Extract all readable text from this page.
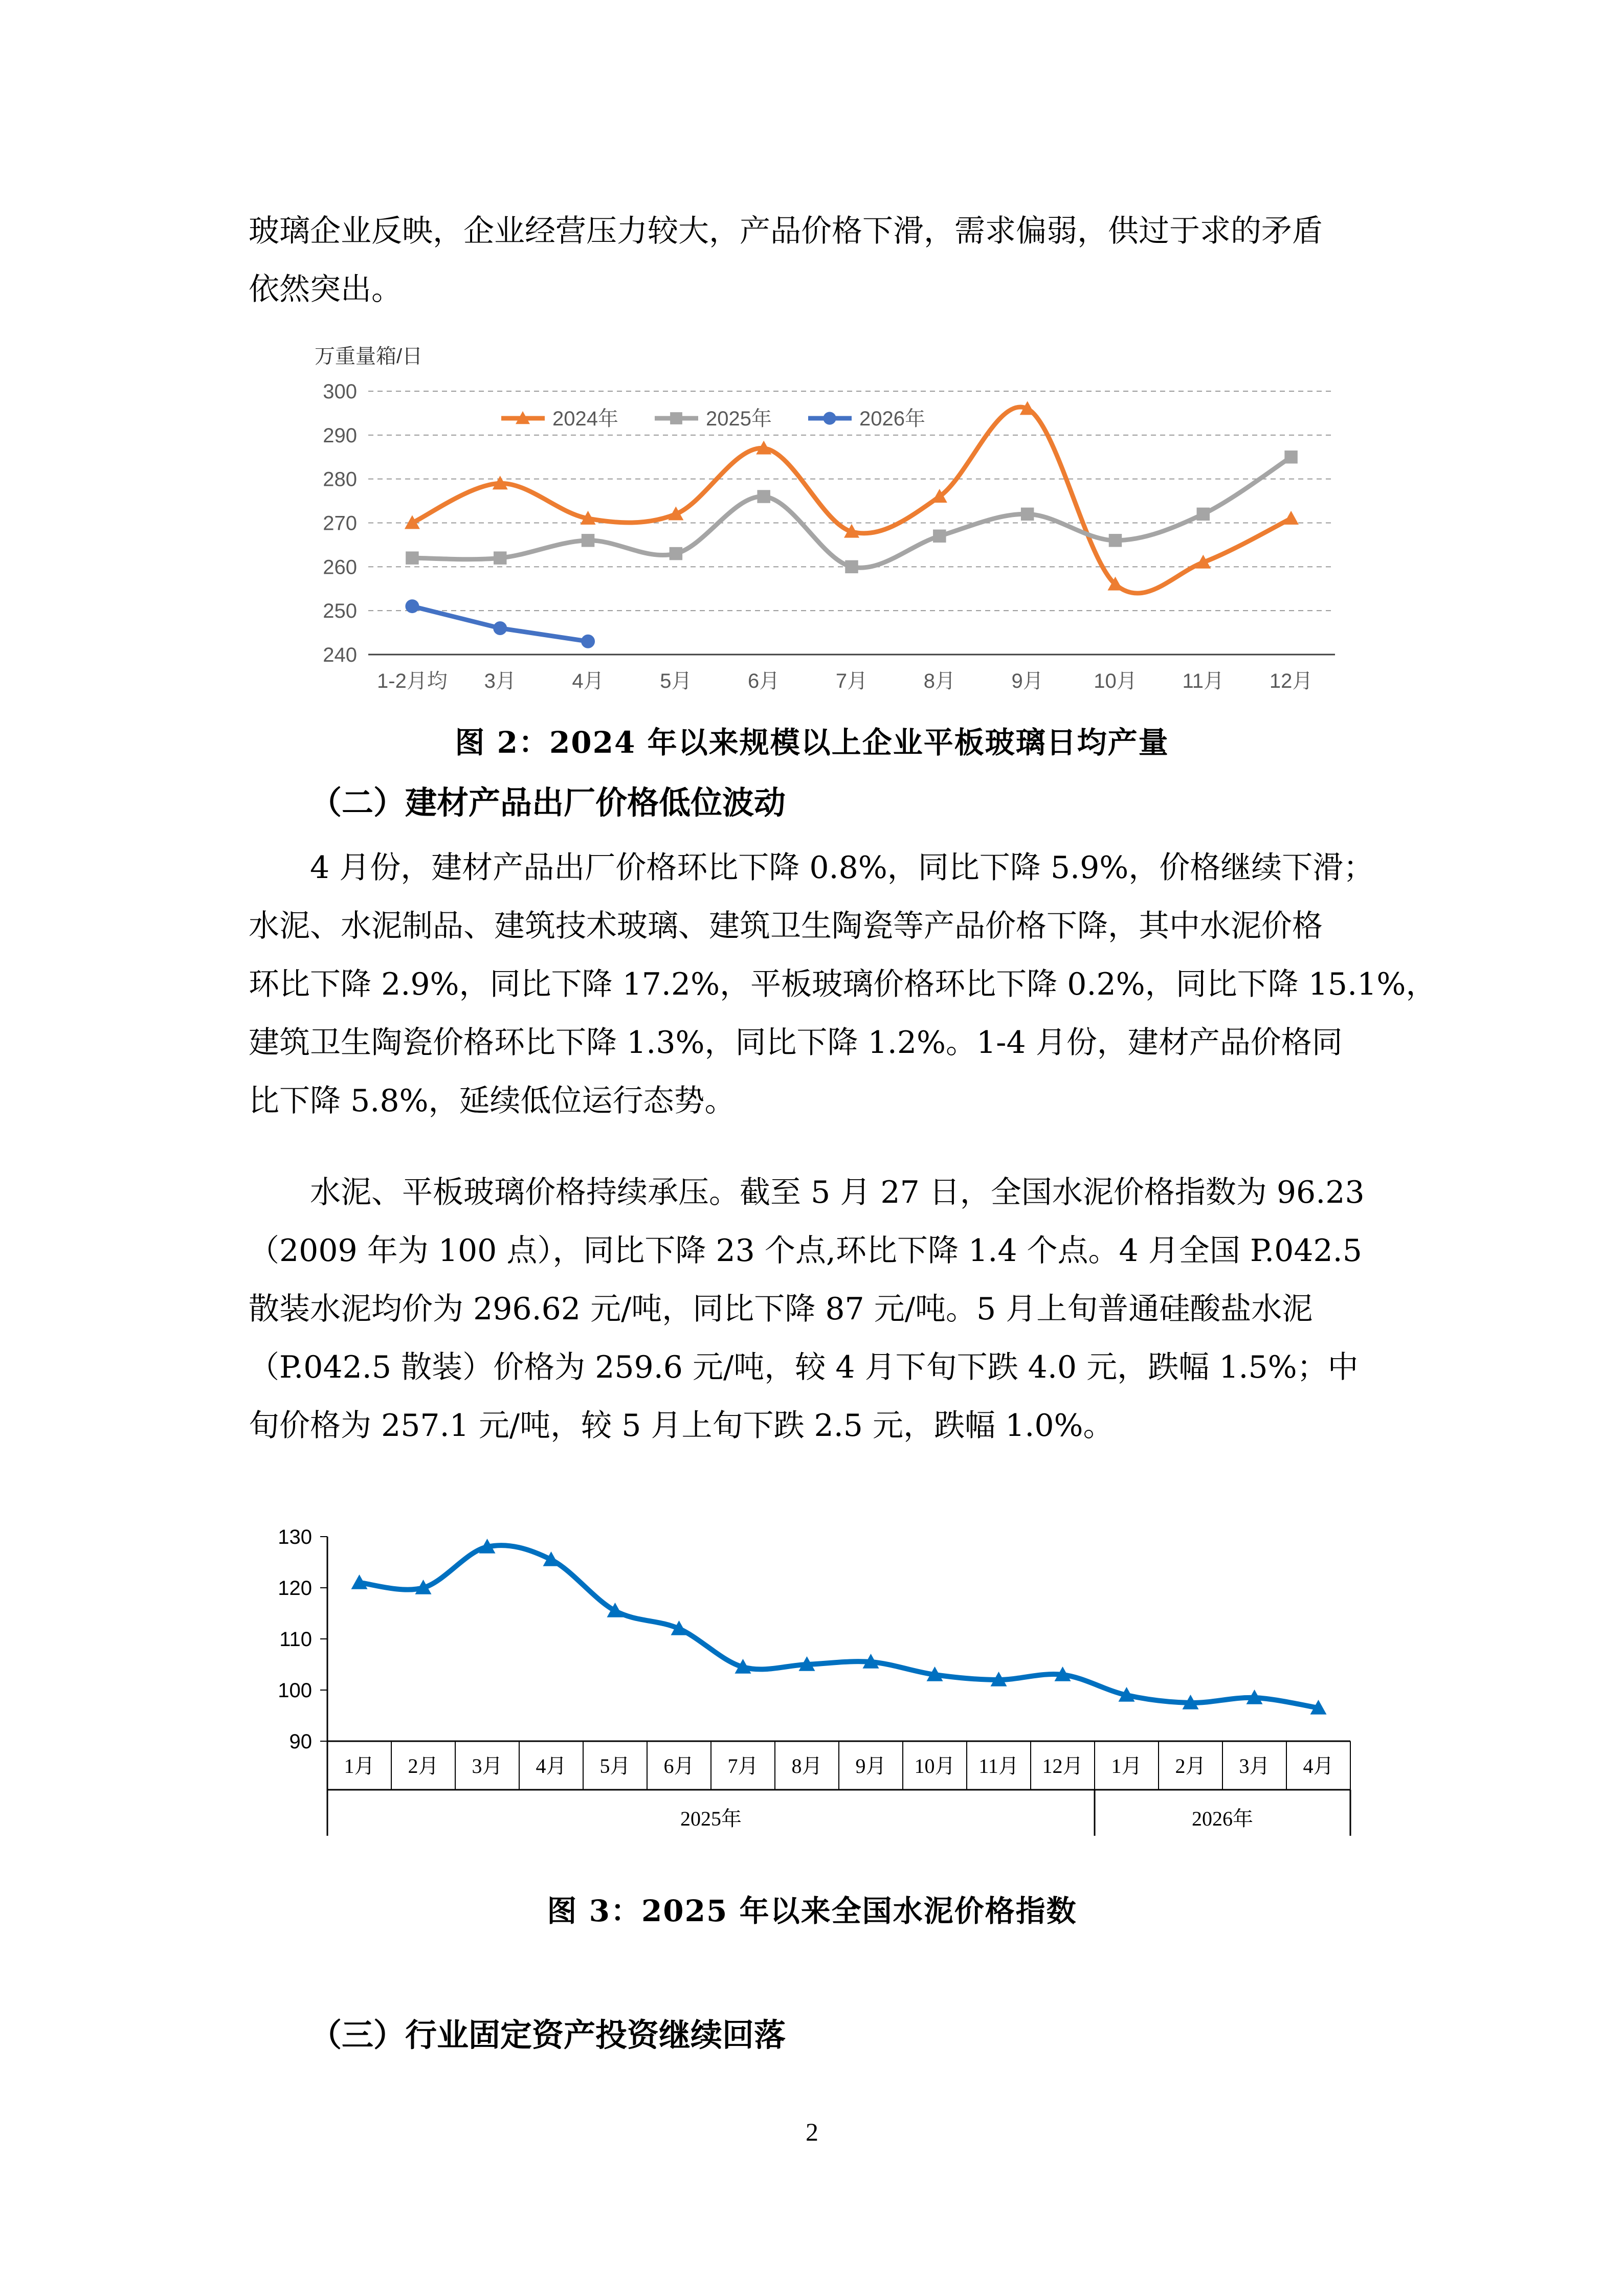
玻璃企业反映，企业经营压力较大，产品价格下滑，需求偏弱，供过于求的矛盾
依然突出。
万重量箱/日
240
250
260
270
280
290
300
1-2月均 3月	4月	5月	6月	7月	8月	9月 10月 11月 12月
2024年	2025年	2026年
图 2：2024 年以来规模以上企业平板玻璃日均产量
（二）建材产品出厂价格低位波动
4 月份，建材产品出厂价格环比下降 0.8%，同比下降 5.9%，价格继续下滑；
水泥、水泥制品、建筑技术玻璃、建筑卫生陶瓷等产品价格下降，其中水泥价格
环比下降 2.9%，同比下降 17.2%，平板玻璃价格环比下降 0.2%，同比下降 15.1%，
建筑卫生陶瓷价格环比下降 1.3%，同比下降 1.2%。1-4 月份，建材产品价格同
比下降 5.8%，延续低位运行态势。
水泥、平板玻璃价格持续承压。截至 5 月 27 日，全国水泥价格指数为 96.23
（2009 年为 100 点），同比下降 23 个点,环比下降 1.4 个点。4 月全国 P.042.5
散装水泥均价为 296.62 元/吨，同比下降 87 元/吨。5 月上旬普通硅酸盐水泥
（P.042.5 散装）价格为 259.6 元/吨，较 4 月下旬下跌 4.0 元，跌幅 1.5%；中
旬价格为 257.1 元/吨，较 5 月上旬下跌 2.5 元，跌幅 1.0%。
90
100
110
120
130
1月 2月 3月 4月 5月 6月 7月 8月 9月 10月 11月 12月 1月 2月 3月 4月
2025年	2026年
图 3：2025 年以来全国水泥价格指数
（三）行业固定资产投资继续回落
2
